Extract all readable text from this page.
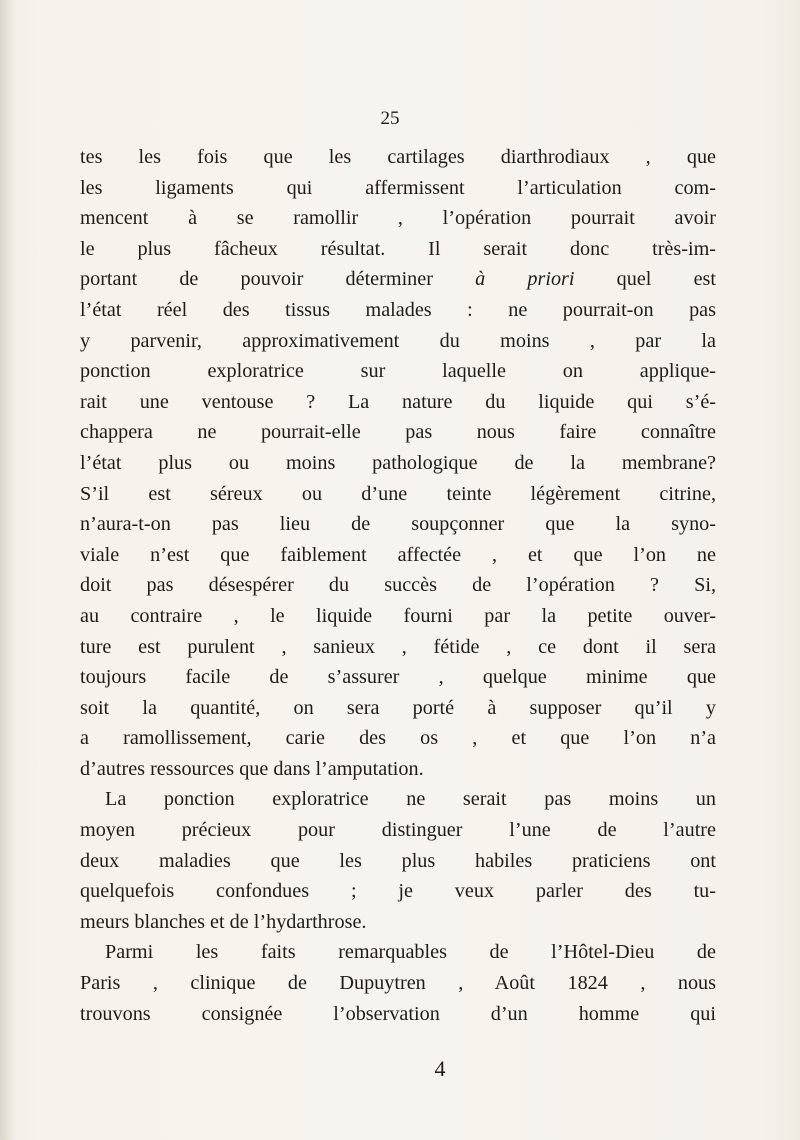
25
tes les fois que les cartilages diarthrodiaux , que
les ligaments qui affermissent l’articulation com-
mencent à se ramollir , l’opération pourrait avoir
le plus fâcheux résultat. Il serait donc très-im-
portant de pouvoir déterminer à priori quel est
l’état réel des tissus malades : ne pourrait-on pas
y parvenir, approximativement du moins , par la
ponction exploratrice sur laquelle on applique-
rait une ventouse ? La nature du liquide qui s’é-
chappera ne pourrait-elle pas nous faire connaître
l’état plus ou moins pathologique de la membrane?
S’il est séreux ou d’une teinte légèrement citrine,
n’aura-t-on pas lieu de soupçonner que la syno-
viale n’est que faiblement affectée , et que l’on ne
doit pas désespérer du succès de l’opération ? Si,
au contraire , le liquide fourni par la petite ouver-
ture est purulent , sanieux , fétide , ce dont il sera
toujours facile de s’assurer , quelque minime que
soit la quantité, on sera porté à supposer qu’il y
a ramollissement, carie des os , et que l’on n’a
d’autres ressources que dans l’amputation.
La ponction exploratrice ne serait pas moins un
moyen précieux pour distinguer l’une de l’autre
deux maladies que les plus habiles praticiens ont
quelquefois confondues ; je veux parler des tu-
meurs blanches et de l’hydarthrose.
Parmi les faits remarquables de l’Hôtel-Dieu de
Paris , clinique de Dupuytren , Août 1824 , nous
trouvons consignée l’observation d’un homme qui
4
